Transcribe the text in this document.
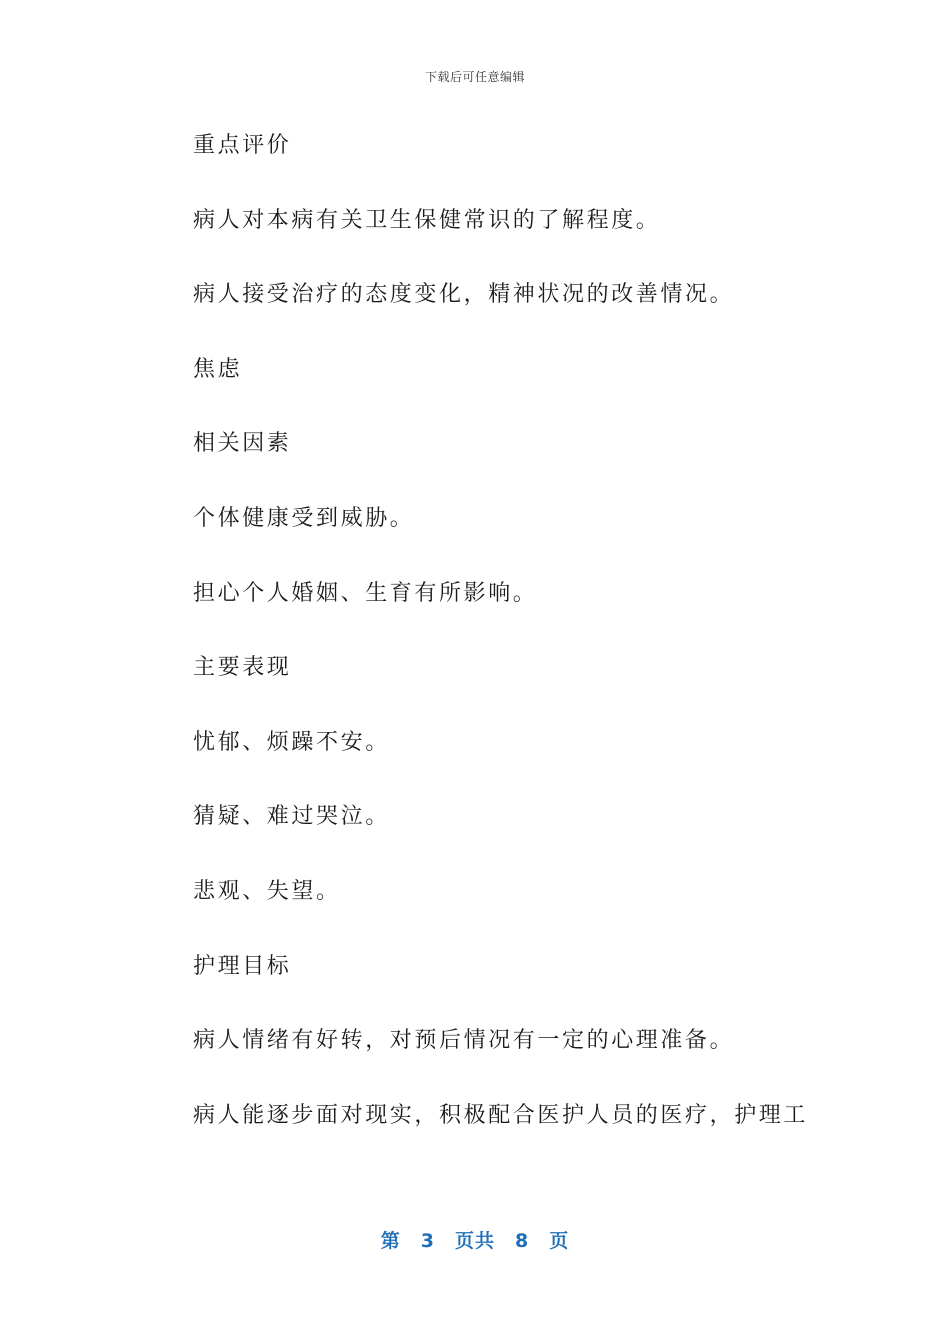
下载后可任意编辑

重点评价

病人对本病有关卫生保健常识的了解程度。

病人接受治疗的态度变化，精神状况的改善情况。

焦虑

相关因素

个体健康受到威胁。

担心个人婚姻、生育有所影响。

主要表现

忧郁、烦躁不安。

猜疑、难过哭泣。

悲观、失望。

护理目标

病人情绪有好转，对预后情况有一定的心理准备。

病人能逐步面对现实，积极配合医护人员的医疗，护理工

第 3 页共 8 页
